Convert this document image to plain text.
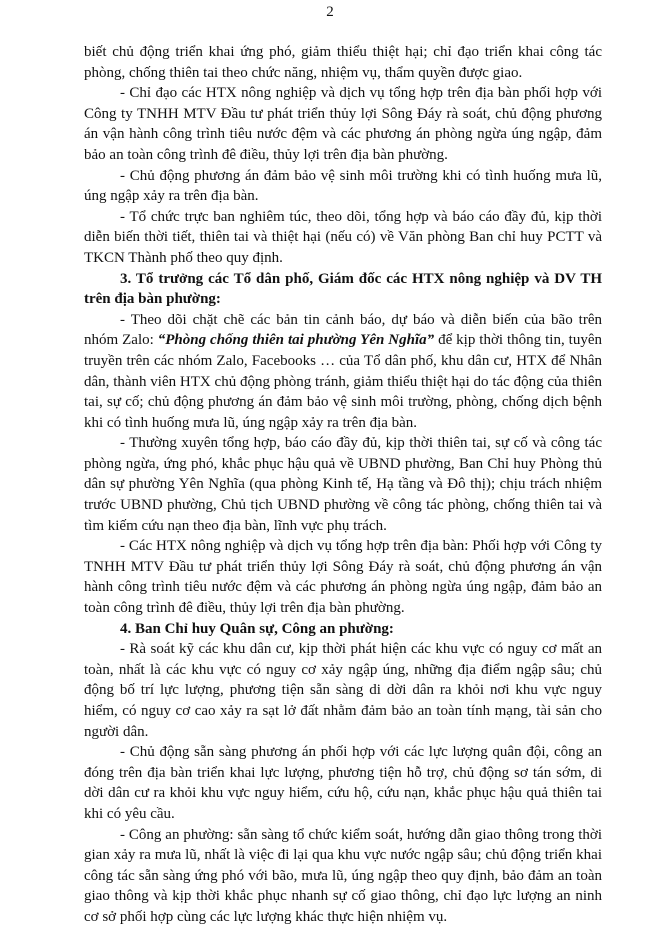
2

biết chủ động triển khai ứng phó, giảm thiểu thiệt hại; chỉ đạo triển khai công tác phòng, chống thiên tai theo chức năng, nhiệm vụ, thẩm quyền được giao.

- Chỉ đạo các HTX nông nghiệp và dịch vụ tổng hợp trên địa bàn phối hợp với Công ty TNHH MTV Đầu tư phát triển thủy lợi Sông Đáy rà soát, chủ động phương án vận hành công trình tiêu nước đệm và các phương án phòng ngừa úng ngập, đảm bảo an toàn công trình đê điều, thủy lợi trên địa bàn phường.

- Chủ động phương án đảm bảo vệ sinh môi trường khi có tình huống mưa lũ, úng ngập xảy ra trên địa bàn.

- Tổ chức trực ban nghiêm túc, theo dõi, tổng hợp và báo cáo đầy đủ, kịp thời diễn biến thời tiết, thiên tai và thiệt hại (nếu có) về Văn phòng Ban chỉ huy PCTT và TKCN Thành phố theo quy định.

3. Tổ trưởng các Tổ dân phố, Giám đốc các HTX nông nghiệp và DV TH trên địa bàn phường:

- Theo dõi chặt chẽ các bản tin cảnh báo, dự báo và diễn biến của bão trên nhóm Zalo: “Phòng chống thiên tai phường Yên Nghĩa” để kịp thời thông tin, tuyên truyền trên các nhóm Zalo, Facebooks … của Tổ dân phố, khu dân cư, HTX để Nhân dân, thành viên HTX chủ động phòng tránh, giảm thiểu thiệt hại do tác động của thiên tai, sự cố; chủ động phương án đảm bảo vệ sinh môi trường, phòng, chống dịch bệnh khi có tình huống mưa lũ, úng ngập xảy ra trên địa bàn.

- Thường xuyên tổng hợp, báo cáo đầy đủ, kịp thời thiên tai, sự cố và công tác phòng ngừa, ứng phó, khắc phục hậu quả về UBND phường, Ban Chỉ huy Phòng thủ dân sự phường Yên Nghĩa (qua phòng Kinh tế, Hạ tầng và Đô thị); chịu trách nhiệm trước UBND phường, Chủ tịch UBND phường về công tác phòng, chống thiên tai và tìm kiếm cứu nạn theo địa bàn, lĩnh vực phụ trách.

- Các HTX nông nghiệp và dịch vụ tổng hợp trên địa bàn: Phối hợp với Công ty TNHH MTV Đầu tư phát triển thủy lợi Sông Đáy rà soát, chủ động phương án vận hành công trình tiêu nước đệm và các phương án phòng ngừa úng ngập, đảm bảo an toàn công trình đê điều, thủy lợi trên địa bàn phường.

4. Ban Chỉ huy Quân sự, Công an phường:

- Rà soát kỹ các khu dân cư, kịp thời phát hiện các khu vực có nguy cơ mất an toàn, nhất là các khu vực có nguy cơ xảy ngập úng, những địa điểm ngập sâu; chủ động bố trí lực lượng, phương tiện sẵn sàng di dời dân ra khỏi nơi khu vực nguy hiểm, có nguy cơ cao xảy ra sạt lở đất nhằm đảm bảo an toàn tính mạng, tài sản cho người dân.

- Chủ động sẵn sàng phương án phối hợp với các lực lượng quân đội, công an đóng trên địa bàn triển khai lực lượng, phương tiện hỗ trợ, chủ động sơ tán sớm, di dời dân cư ra khỏi khu vực nguy hiểm, cứu hộ, cứu nạn, khắc phục hậu quả thiên tai khi có yêu cầu.

- Công an phường: sẵn sàng tổ chức kiểm soát, hướng dẫn giao thông trong thời gian xảy ra mưa lũ, nhất là việc đi lại qua khu vực nước ngập sâu; chủ động triển khai công tác sẵn sàng ứng phó với bão, mưa lũ, úng ngập theo quy định, bảo đảm an toàn giao thông và kịp thời khắc phục nhanh sự cố giao thông, chỉ đạo lực lượng an ninh cơ sở phối hợp cùng các lực lượng khác thực hiện nhiệm vụ.
